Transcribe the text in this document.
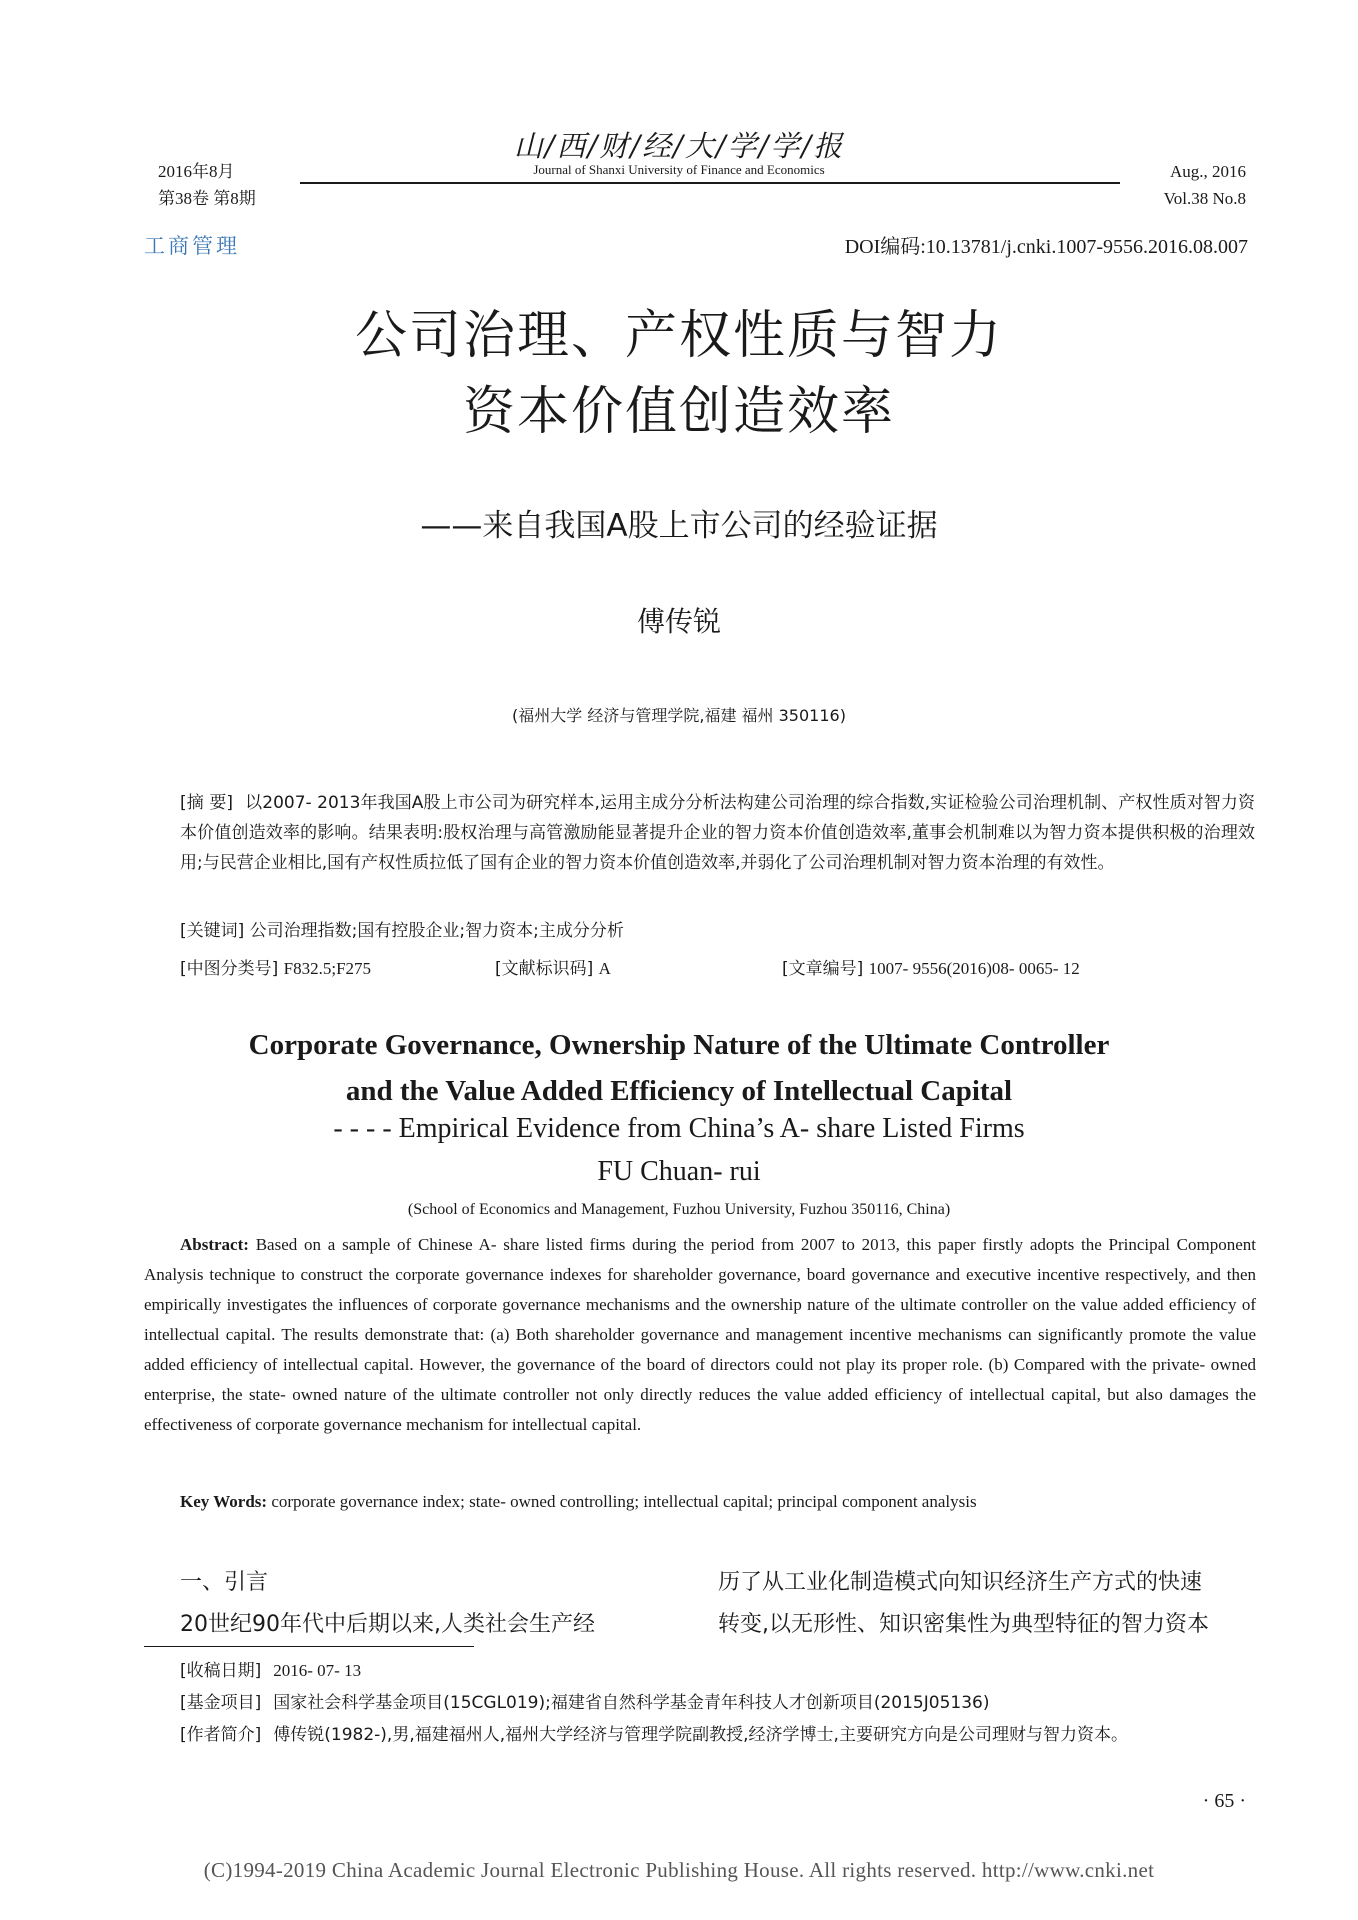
2016年8月
第38卷 第8期
山/西/财/经/大/学/学/报
Journal of Shanxi University of Finance and Economics	Aug., 2016
Vol.38 No.8
工商管理	DOI编码:10.13781/j.cnki.1007-9556.2016.08.007
公司治理、产权性质与智力
资本价值创造效率
——来自我国A股上市公司的经验证据
傅传锐
(福州大学 经济与管理学院,福建 福州 350116)
[摘 要] 以2007- 2013年我国A股上市公司为研究样本,运用主成分分析法构建公司治理的综合指数,实证检验公司治理机制、产权性质对智力资本价值创造效率的影响。结果表明:股权治理与高管激励能显著提升企业的智力资本价值创造效率,董事会机制难以为智力资本提供积极的治理效用;与民营企业相比,国有产权性质拉低了国有企业的智力资本价值创造效率,并弱化了公司治理机制对智力资本治理的有效性。
[关键词] 公司治理指数;国有控股企业;智力资本;主成分分析
[中图分类号] F832.5;F275	[文献标识码] A	[文章编号] 1007- 9556(2016)08- 0065- 12
Corporate Governance, Ownership Nature of the Ultimate Controller
and the Value Added Efficiency of Intellectual Capital
- - - - Empirical Evidence from China’s A- share Listed Firms
FU Chuan- rui
(School of Economics and Management, Fuzhou University, Fuzhou 350116, China)
Abstract: Based on a sample of Chinese A- share listed firms during the period from 2007 to 2013, this paper firstly adopts the Principal Component Analysis technique to construct the corporate governance indexes for shareholder governance, board governance and executive incentive respectively, and then empirically investigates the influences of corporate governance mechanisms and the ownership nature of the ultimate controller on the value added efficiency of intellectual capital. The results demonstrate that: (a) Both shareholder governance and management incentive mechanisms can significantly promote the value added efficiency of intellectual capital. However, the governance of the board of directors could not play its proper role. (b) Compared with the private- owned enterprise, the state- owned nature of the ultimate controller not only directly reduces the value added efficiency of intellectual capital, but also damages the effectiveness of corporate governance mechanism for intellectual capital.
Key Words: corporate governance index; state- owned controlling; intellectual capital; principal component analysis
一、引言
20世纪90年代中后期以来,人类社会生产经
历了从工业化制造模式向知识经济生产方式的快速
转变,以无形性、知识密集性为典型特征的智力资本
[收稿日期] 2016- 07- 13
[基金项目] 国家社会科学基金项目(15CGL019);福建省自然科学基金青年科技人才创新项目(2015J05136)
[作者简介] 傅传锐(1982-),男,福建福州人,福州大学经济与管理学院副教授,经济学博士,主要研究方向是公司理财与智力资本。
· 65 ·
(C)1994-2019 China Academic Journal Electronic Publishing House. All rights reserved. http://www.cnki.net
